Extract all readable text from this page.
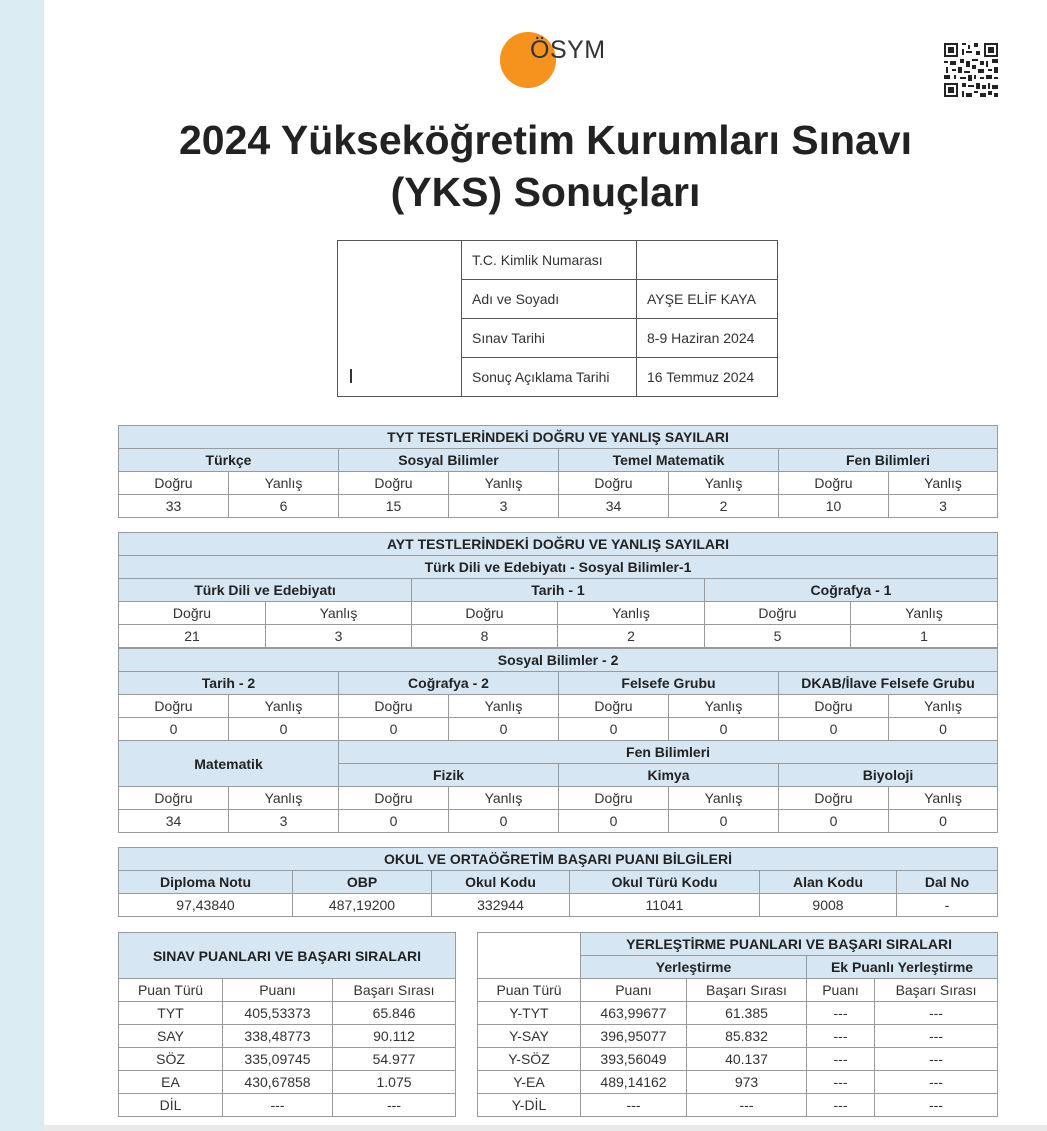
ÖSYM
2024 Yükseköğretim Kurumları Sınavı
(YKS) Sonuçları
T.C. Kimlik Numarası	
Adı ve Soyadı	AYŞE ELİF KAYA
Sınav Tarihi	8-9 Haziran 2024
Sonuç Açıklama Tarihi	16 Temmuz 2024
TYT TESTLERİNDEKİ DOĞRU VE YANLIŞ SAYILARI							
Türkçe		Sosyal Bilimler		Temel Matematik		Fen Bilimleri	
Doğru	Yanlış	Doğru	Yanlış	Doğru	Yanlış	Doğru	Yanlış
33	6	15	3	34	2	10	3
AYT TESTLERİNDEKİ DOĞRU VE YANLIŞ SAYILARI					
Türk Dili ve Edebiyatı - Sosyal Bilimler-1					
Türk Dili ve Edebiyatı		Tarih - 1		Coğrafya - 1	
Doğru	Yanlış	Doğru	Yanlış	Doğru	Yanlış
21	3	8	2	5	1
Sosyal Bilimler - 2							
Tarih - 2		Coğrafya - 2		Felsefe Grubu		DKAB/İlave Felsefe Grubu	
Doğru	Yanlış	Doğru	Yanlış	Doğru	Yanlış	Doğru	Yanlış
0	0	0	0	0	0	0	0
Matematik		Fen Bilimleri					
		Fizik		Kimya		Biyoloji	
Doğru	Yanlış	Doğru	Yanlış	Doğru	Yanlış	Doğru	Yanlış
34	3	0	0	0	0	0	0
OKUL VE ORTAÖĞRETİM BAŞARI PUANI BİLGİLERİ					
Diploma Notu	OBP	Okul Kodu	Okul Türü Kodu	Alan Kodu	Dal No
97,43840	487,19200	332944	11041	9008	-
SINAV PUANLARI VE BAŞARI SIRALARI		
Puan Türü	Puanı	Başarı Sırası
TYT	405,53373	65.846
SAY	338,48773	90.112
SÖZ	335,09745	54.977
EA	430,67858	1.075
DİL	---	---
	YERLEŞTİRME PUANLARI VE BAŞARI SIRALARI			
	Yerleştirme		Ek Puanlı Yerleştirme	
Puan Türü	Puanı	Başarı Sırası	Puanı	Başarı Sırası
Y-TYT	463,99677	61.385	---	---
Y-SAY	396,95077	85.832	---	---
Y-SÖZ	393,56049	40.137	---	---
Y-EA	489,14162	973	---	---
Y-DİL	---	---	---	---
